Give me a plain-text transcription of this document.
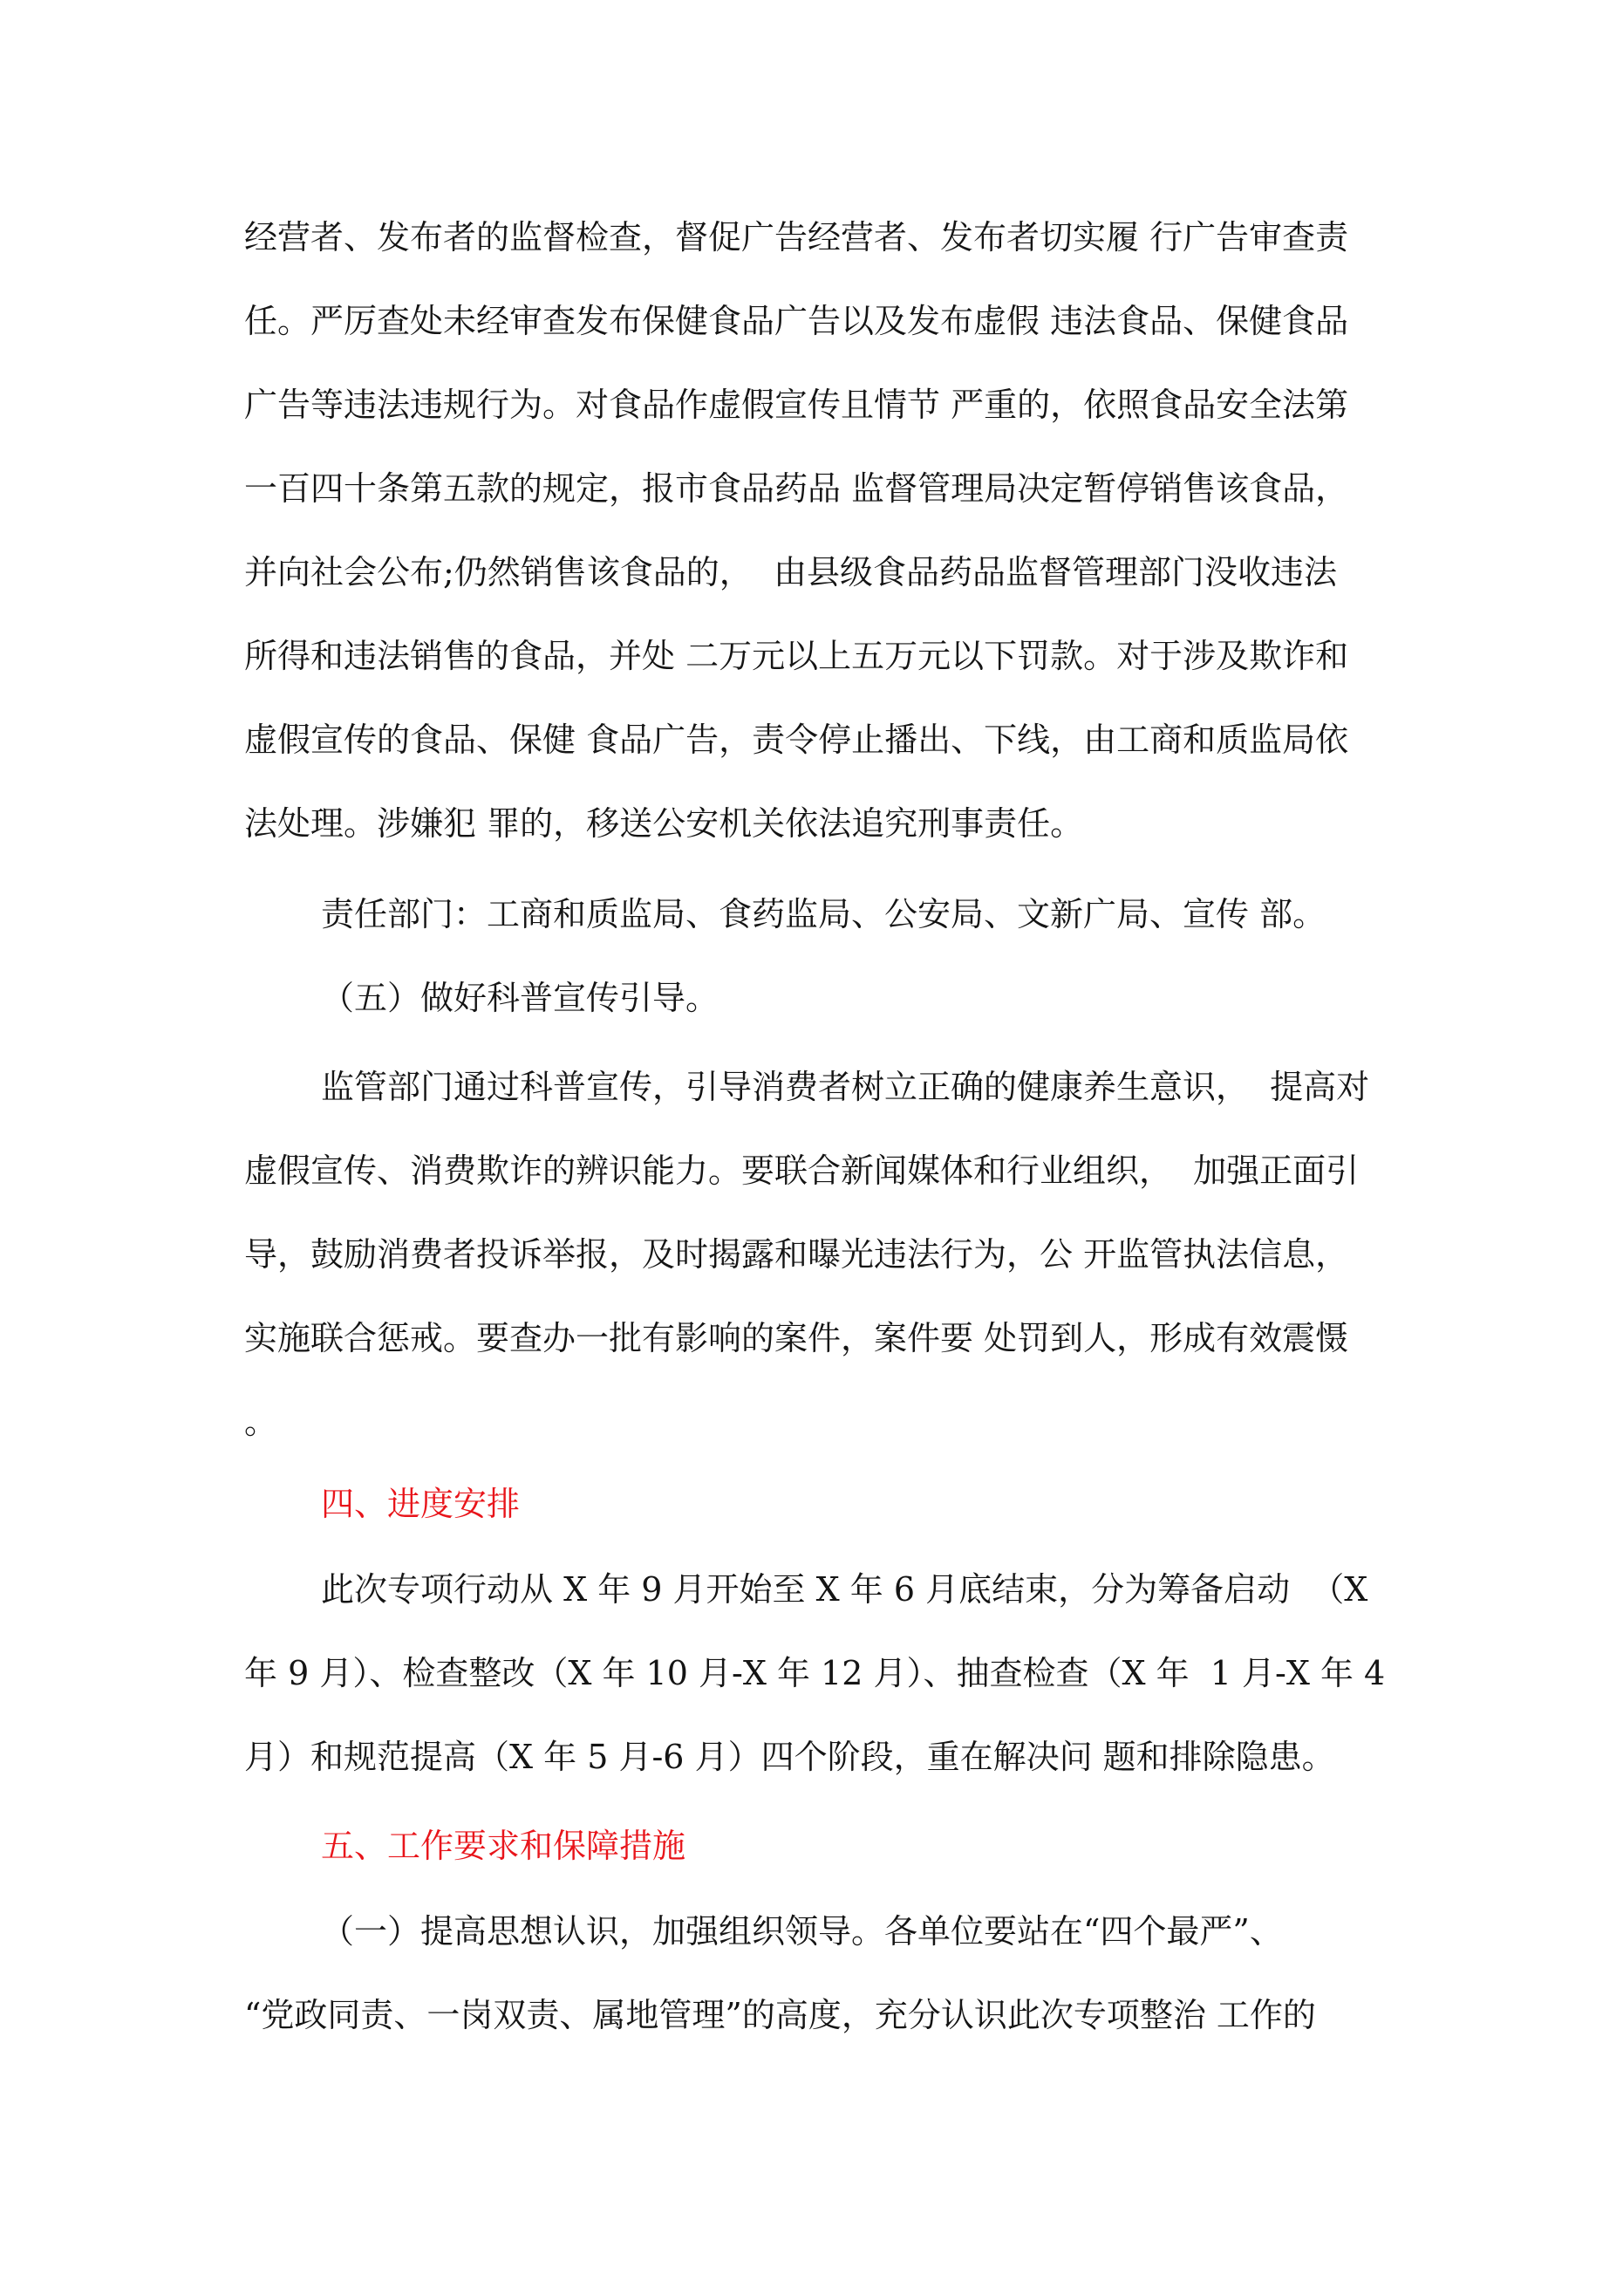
经营者、发布者的监督检查，督促广告经营者、发布者切实履 行广告审查责
任。严厉查处未经审查发布保健食品广告以及发布虚假 违法食品、保健食品
广告等违法违规行为。对食品作虚假宣传且情节 严重的，依照食品安全法第
一百四十条第五款的规定，报市食品药品 监督管理局决定暂停销售该食品，
并向社会公布;仍然销售该食品的，  由县级食品药品监督管理部门没收违法
所得和违法销售的食品，并处 二万元以上五万元以下罚款。对于涉及欺诈和
虚假宣传的食品、保健 食品广告，责令停止播出、下线，由工商和质监局依
法处理。涉嫌犯 罪的，移送公安机关依法追究刑事责任。
责任部门：工商和质监局、食药监局、公安局、文新广局、宣传 部。
（五）做好科普宣传引导。
监管部门通过科普宣传，引导消费者树立正确的健康养生意识，  提高对
虚假宣传、消费欺诈的辨识能力。要联合新闻媒体和行业组织，  加强正面引
导，鼓励消费者投诉举报，及时揭露和曝光违法行为，公 开监管执法信息，
实施联合惩戒。要查办一批有影响的案件，案件要 处罚到人，形成有效震慑
。
四、进度安排
此次专项行动从 X 年 9 月开始至 X 年 6 月底结束，分为筹备启动  （X
年 9 月）、检查整改（X 年 10 月-X 年 12 月）、抽查检查（X 年  1 月-X 年 4
月）和规范提高（X 年 5 月-6 月）四个阶段，重在解决问 题和排除隐患。
五、工作要求和保障措施
（一）提高思想认识，加强组织领导。各单位要站在“四个最严”、
“党政同责、一岗双责、属地管理”的高度，充分认识此次专项整治 工作的
